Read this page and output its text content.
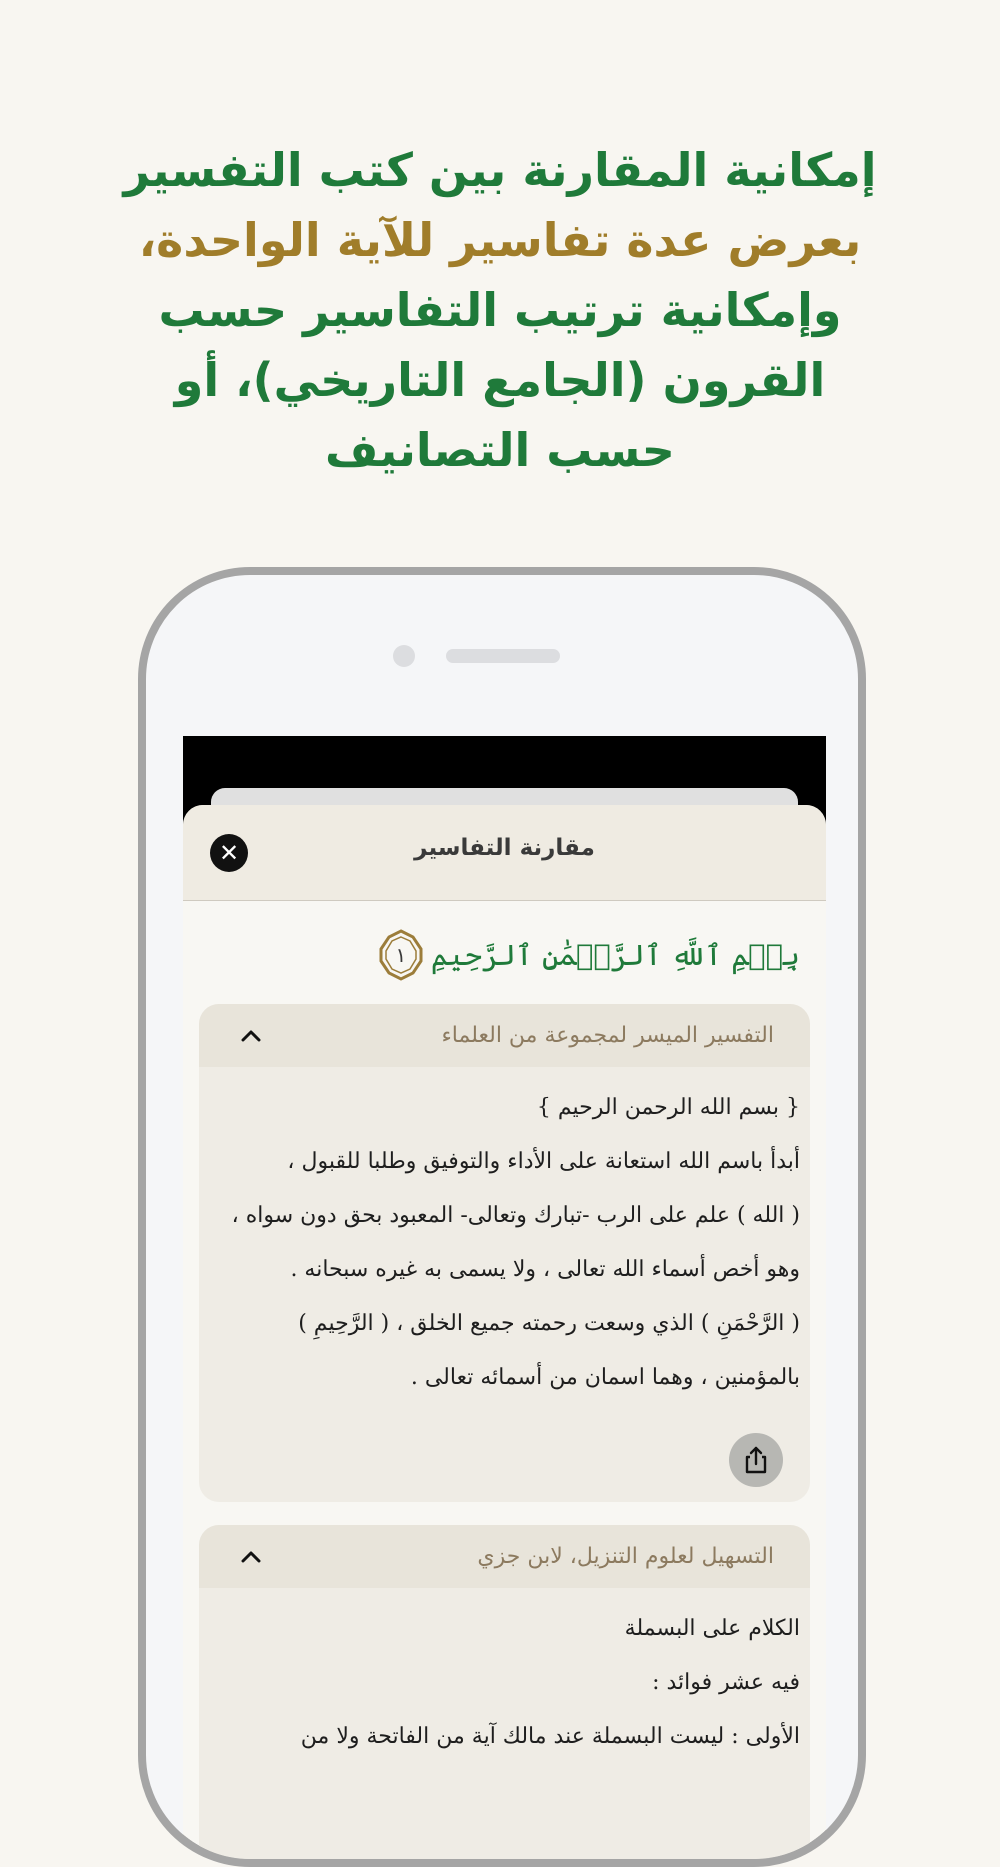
إمكانية المقارنة بين كتب التفسير
بعرض عدة تفاسير للآية الواحدة،
وإمكانية ترتيب التفاسير حسب
القرون (الجامع التاريخي)، أو
حسب التصانيف
مقارنة التفاسير
✕
بِسۡمِ ٱللَّهِ ٱلرَّحۡمَٰنِ ٱلرَّحِيمِ
١
التفسير الميسر لمجموعة من العلماء
{ بسم الله الرحمن الرحيم }
أبدأ باسم الله استعانة على الأداء والتوفيق وطلبا للقبول ،
( الله ) علم على الرب -تبارك وتعالى- المعبود بحق دون سواه ،
وهو أخص أسماء الله تعالى ، ولا يسمى به غيره سبحانه .
( الرَّحْمَنِ ) الذي وسعت رحمته جميع الخلق ، ( الرَّحِيمِ )
بالمؤمنين ، وهما اسمان من أسمائه تعالى .
التسهيل لعلوم التنزيل، لابن جزي
الكلام على البسملة
فيه عشر فوائد :
الأولى : ليست البسملة عند مالك آية من الفاتحة ولا من
